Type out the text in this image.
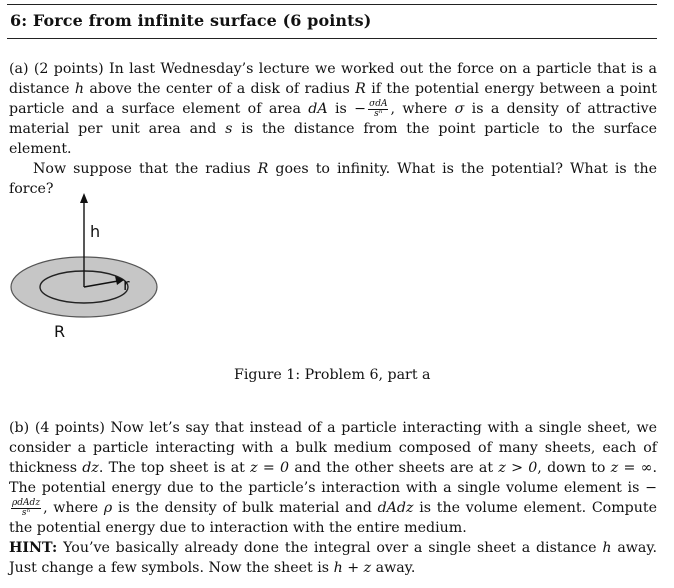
6: Force from infinite surface (6 points)

(a) (2 points) In last Wednesday’s lecture we worked out the force on a particle that is a distance h above the center of a disk of radius R if the potential energy between a point particle and a surface element of area dA is − $\frac{\text{σdA}}{\text{sⁿ}}$ , where σ is a density of attractive material per unit area and s is the distance from the point particle to the surface element.

Now suppose that the radius R goes to infinity. What is the potential? What is the force?

h
r
R
Figure 1: Problem 6, part a

(b) (4 points) Now let’s say that instead of a particle interacting with a single sheet, we consider a particle interacting with a bulk medium composed of many sheets, each of thickness dz. The top sheet is at z = 0 and the other sheets are at z > 0, down to z = ∞. The potential energy due to the particle’s interaction with a single volume element is −
$\frac{\text{ρdAdz}}{\text{sⁿ}}$ , where ρ is the density of bulk material and dAdz is the volume element. Compute the potential energy due to interaction with the entire medium.

HINT: You’ve basically already done the integral over a single sheet a distance h away. Just change a few symbols. Now the sheet is h + z away.
